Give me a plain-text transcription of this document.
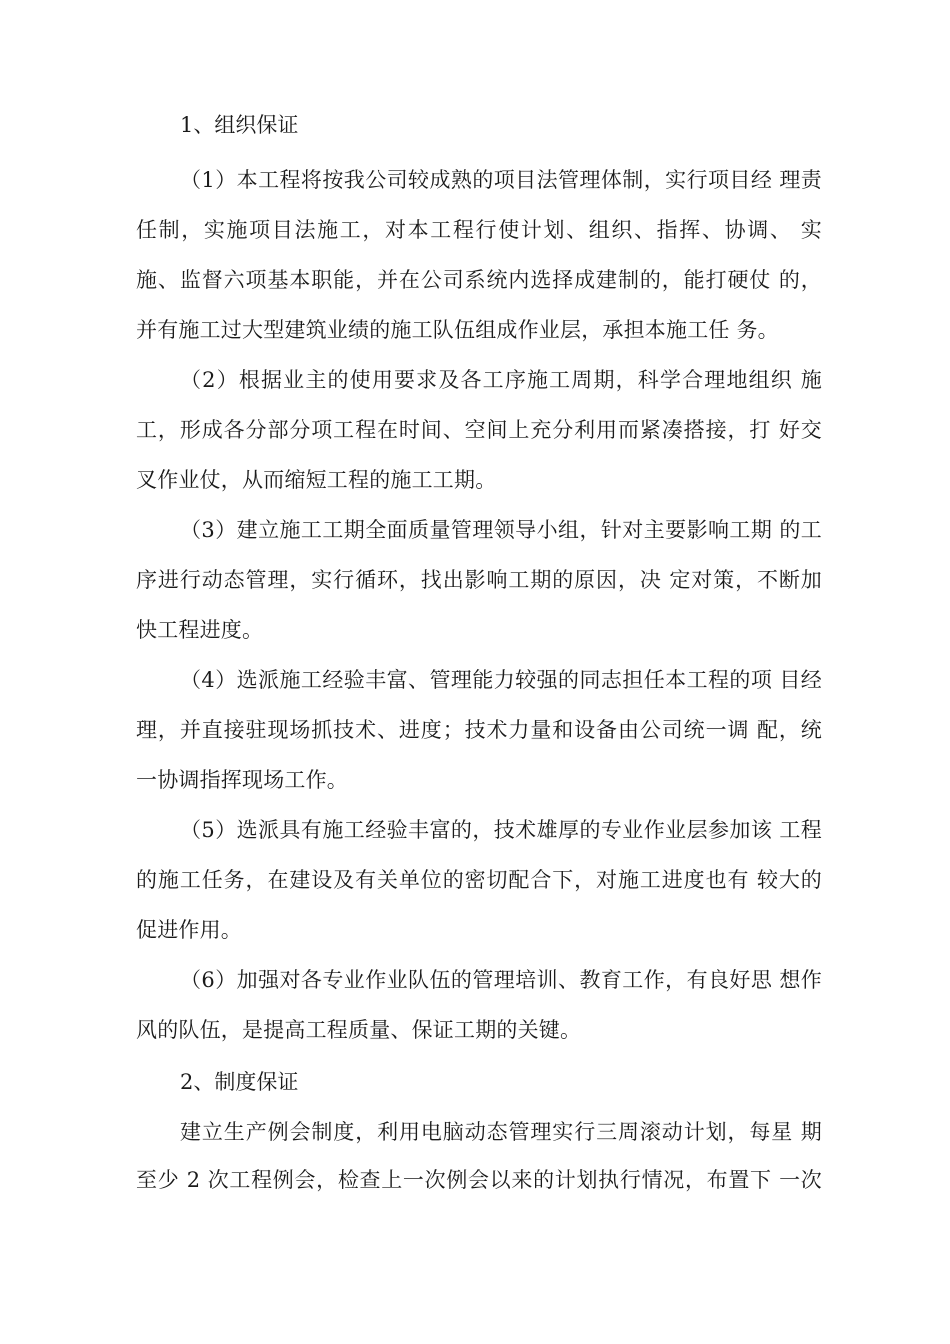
1、组织保证
（1）本工程将按我公司较成熟的项目法管理体制，实行项目经 理责
任制，实施项目法施工，对本工程行使计划、组织、指挥、协调、 实
施、监督六项基本职能，并在公司系统内选择成建制的，能打硬仗 的，
并有施工过大型建筑业绩的施工队伍组成作业层，承担本施工任 务。
（2）根据业主的使用要求及各工序施工周期，科学合理地组织 施
工，形成各分部分项工程在时间、空间上充分利用而紧凑搭接，打 好交
叉作业仗，从而缩短工程的施工工期。
（3）建立施工工期全面质量管理领导小组，针对主要影响工期 的工
序进行动态管理，实行循环，找出影响工期的原因，决 定对策，不断加
快工程进度。
（4）选派施工经验丰富、管理能力较强的同志担任本工程的项 目经
理，并直接驻现场抓技术、进度；技术力量和设备由公司统一调 配，统
一协调指挥现场工作。
（5）选派具有施工经验丰富的，技术雄厚的专业作业层参加该 工程
的施工任务，在建设及有关单位的密切配合下，对施工进度也有 较大的
促进作用。
（6）加强对各专业作业队伍的管理培训、教育工作，有良好思 想作
风的队伍，是提高工程质量、保证工期的关键。
2、制度保证
建立生产例会制度，利用电脑动态管理实行三周滚动计划，每星 期
至少 2 次工程例会，检查上一次例会以来的计划执行情况，布置下 一次
